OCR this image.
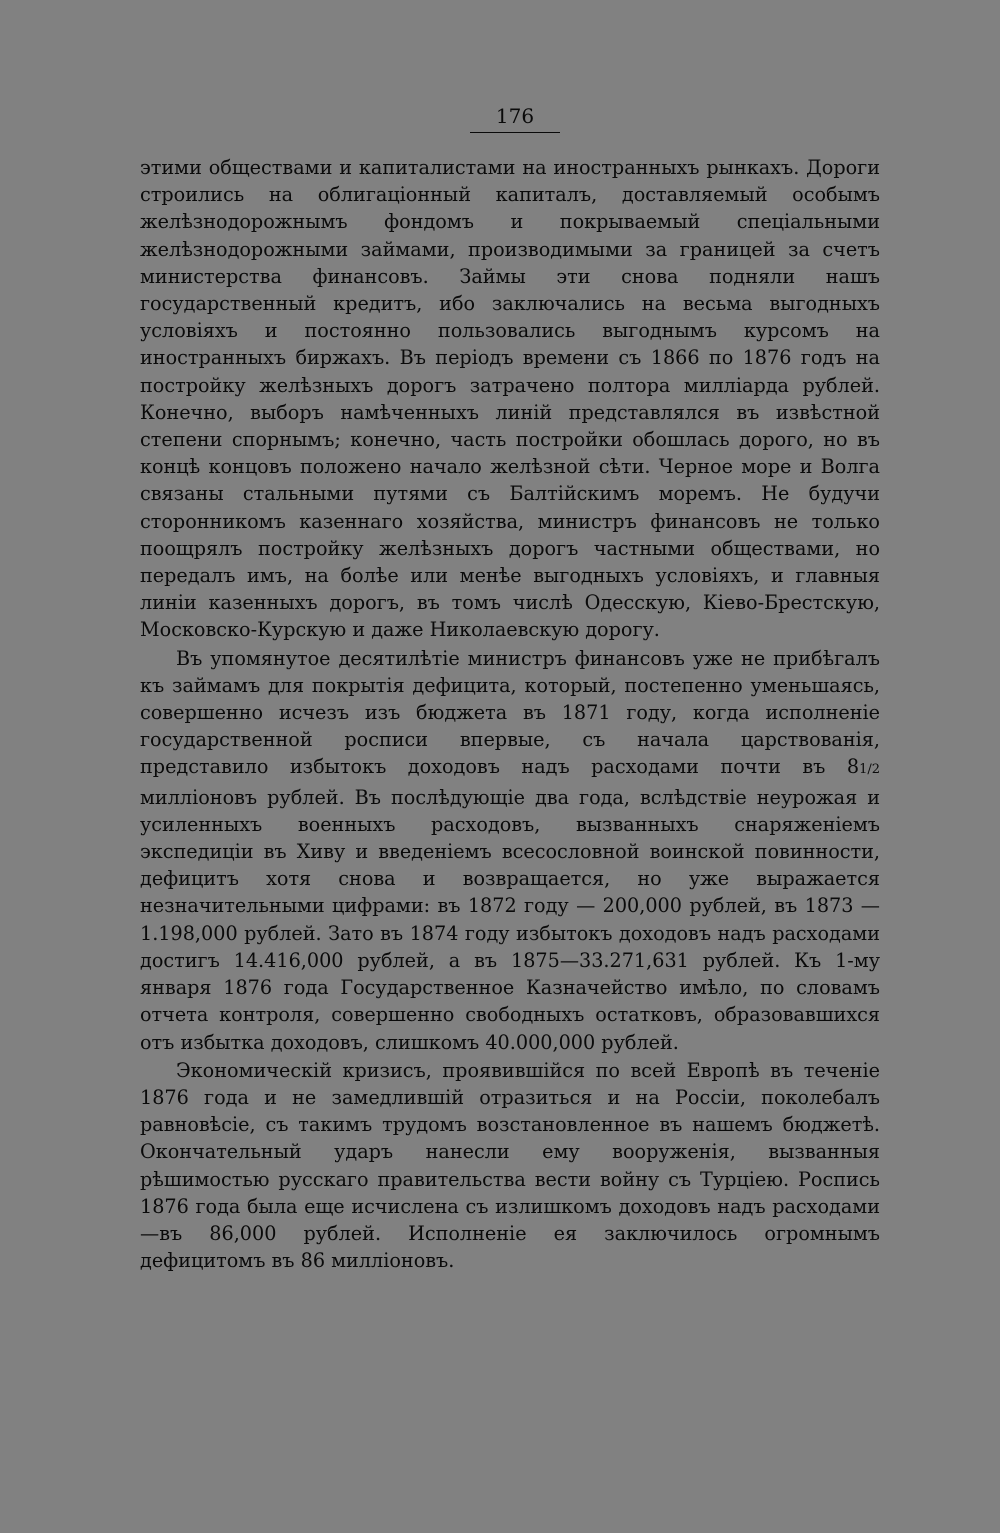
176

этими обществами и капиталистами на иностранныхъ рынкахъ. Дороги строились на облигаціонный капиталъ, доставляемый особымъ желѣзнодорожнымъ фондомъ и покрываемый спеціальными желѣзнодорожными займами, производимыми за границей за счетъ министерства финансовъ. Займы эти снова подняли нашъ государственный кредитъ, ибо заключались на весьма выгодныхъ условіяхъ и постоянно пользовались выгоднымъ курсомъ на иностранныхъ биржахъ. Въ періодъ времени съ 1866 по 1876 годъ на постройку желѣзныхъ дорогъ затрачено полтора милліарда рублей. Конечно, выборъ намѣченныхъ линій представлялся въ извѣстной степени спорнымъ; конечно, часть постройки обошлась дорого, но въ концѣ концовъ положено начало желѣзной сѣти. Черное море и Волга связаны стальными путями съ Балтійскимъ моремъ. Не будучи сторонникомъ казеннаго хозяйства, министръ финансовъ не только поощрялъ постройку желѣзныхъ дорогъ частными обществами, но передалъ имъ, на болѣе или менѣе выгодныхъ условіяхъ, и главныя линіи казенныхъ дорогъ, въ томъ числѣ Одесскую, Кіево-Брестскую, Московско-Курскую и даже Николаевскую дорогу.

Въ упомянутое десятилѣтіе министръ финансовъ уже не прибѣгалъ къ займамъ для покрытія дефицита, который, постепенно уменьшаясь, совершенно исчезъ изъ бюджета въ 1871 году, когда исполненіе государственной росписи впервые, съ начала царствованія, представило избытокъ доходовъ надъ расходами почти въ 81/2 милліоновъ рублей. Въ послѣдующіе два года, вслѣдствіе неурожая и усиленныхъ военныхъ расходовъ, вызванныхъ снаряженіемъ экспедиціи въ Хиву и введеніемъ всесословной воинской повинности, дефицитъ хотя снова и возвращается, но уже выражается незначительными цифрами: въ 1872 году — 200,000 рублей, въ 1873 — 1.198,000 рублей. Зато въ 1874 году избытокъ доходовъ надъ расходами достигъ 14.416,000 рублей, а въ 1875—33.271,631 рублей. Къ 1-му января 1876 года Государственное Казначейство имѣло, по словамъ отчета контроля, совершенно свободныхъ остатковъ, образовавшихся отъ избытка доходовъ, слишкомъ 40.000,000 рублей.

Экономическій кризисъ, проявившійся по всей Европѣ въ теченіе 1876 года и не замедлившій отразиться и на Россіи, поколебалъ равновѣсіе, съ такимъ трудомъ возстановленное въ нашемъ бюджетѣ. Окончательный ударъ нанесли ему вооруженія, вызванныя рѣшимостью русскаго правительства вести войну съ Турціею. Роспись 1876 года была еще исчислена съ излишкомъ доходовъ надъ расходами—въ 86,000 рублей. Исполненіе ея заключилось огромнымъ дефицитомъ въ 86 милліоновъ.
